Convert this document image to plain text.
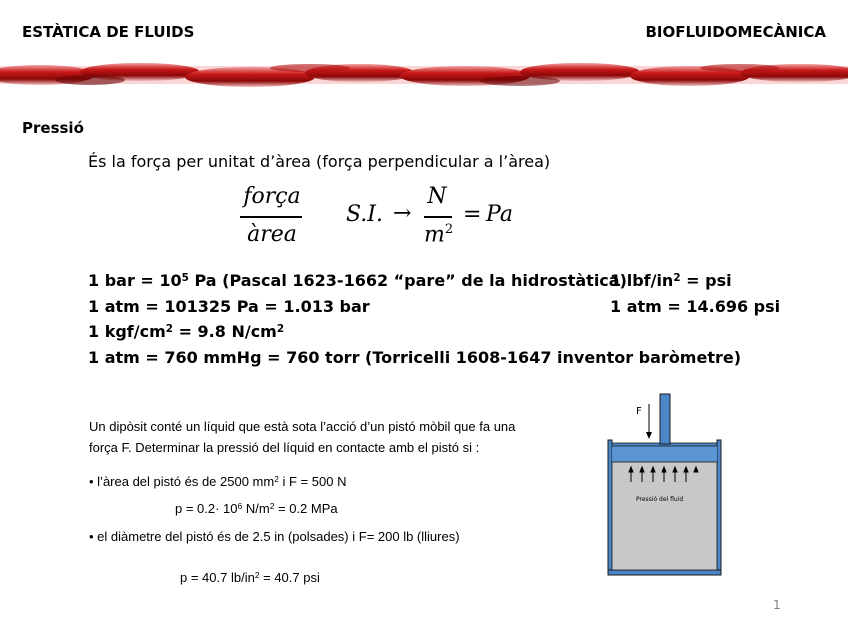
ESTÀTICA DE FLUIDS	BIOFLUIDOMECÀNICA
Pressió
És la força per unitat d’àrea (força perpendicular a l’àrea)
força
àrea
S.I. →
N
$m^2$
= Pa
1 bar = $10^5$ Pa (Pascal 1623-1662 “pare” de la hidrostàtica)
1 atm = 101325 Pa = 1.013 bar
1 kgf/$cm^2 = 9.8$ $N/cm^2$
1 atm = 760 mmHg = 760 torr (Torricelli 1608-1647 inventor baròmetre)
1 lbf/$in^2$ = psi
1 atm = 14.696 psi
Un dipòsit conté un líquid que està sota l’acció d’un pistó mòbil que fa una
força F. Determinar la pressió del líquid en contacte amb el pistó si :
• l’àrea del pistó és de 2500 $mm^2$ i F = 500 N
$p = 0.2\cdot 10^6$ $N/m^2 = 0.2$ MPa
• el diàmetre del pistó és de 2.5 in (polsades) i F= 200 lb (lliures)
p = 40.7 $lb/in^2 = 40.7$ psi
F
Pressió del fluid
1
